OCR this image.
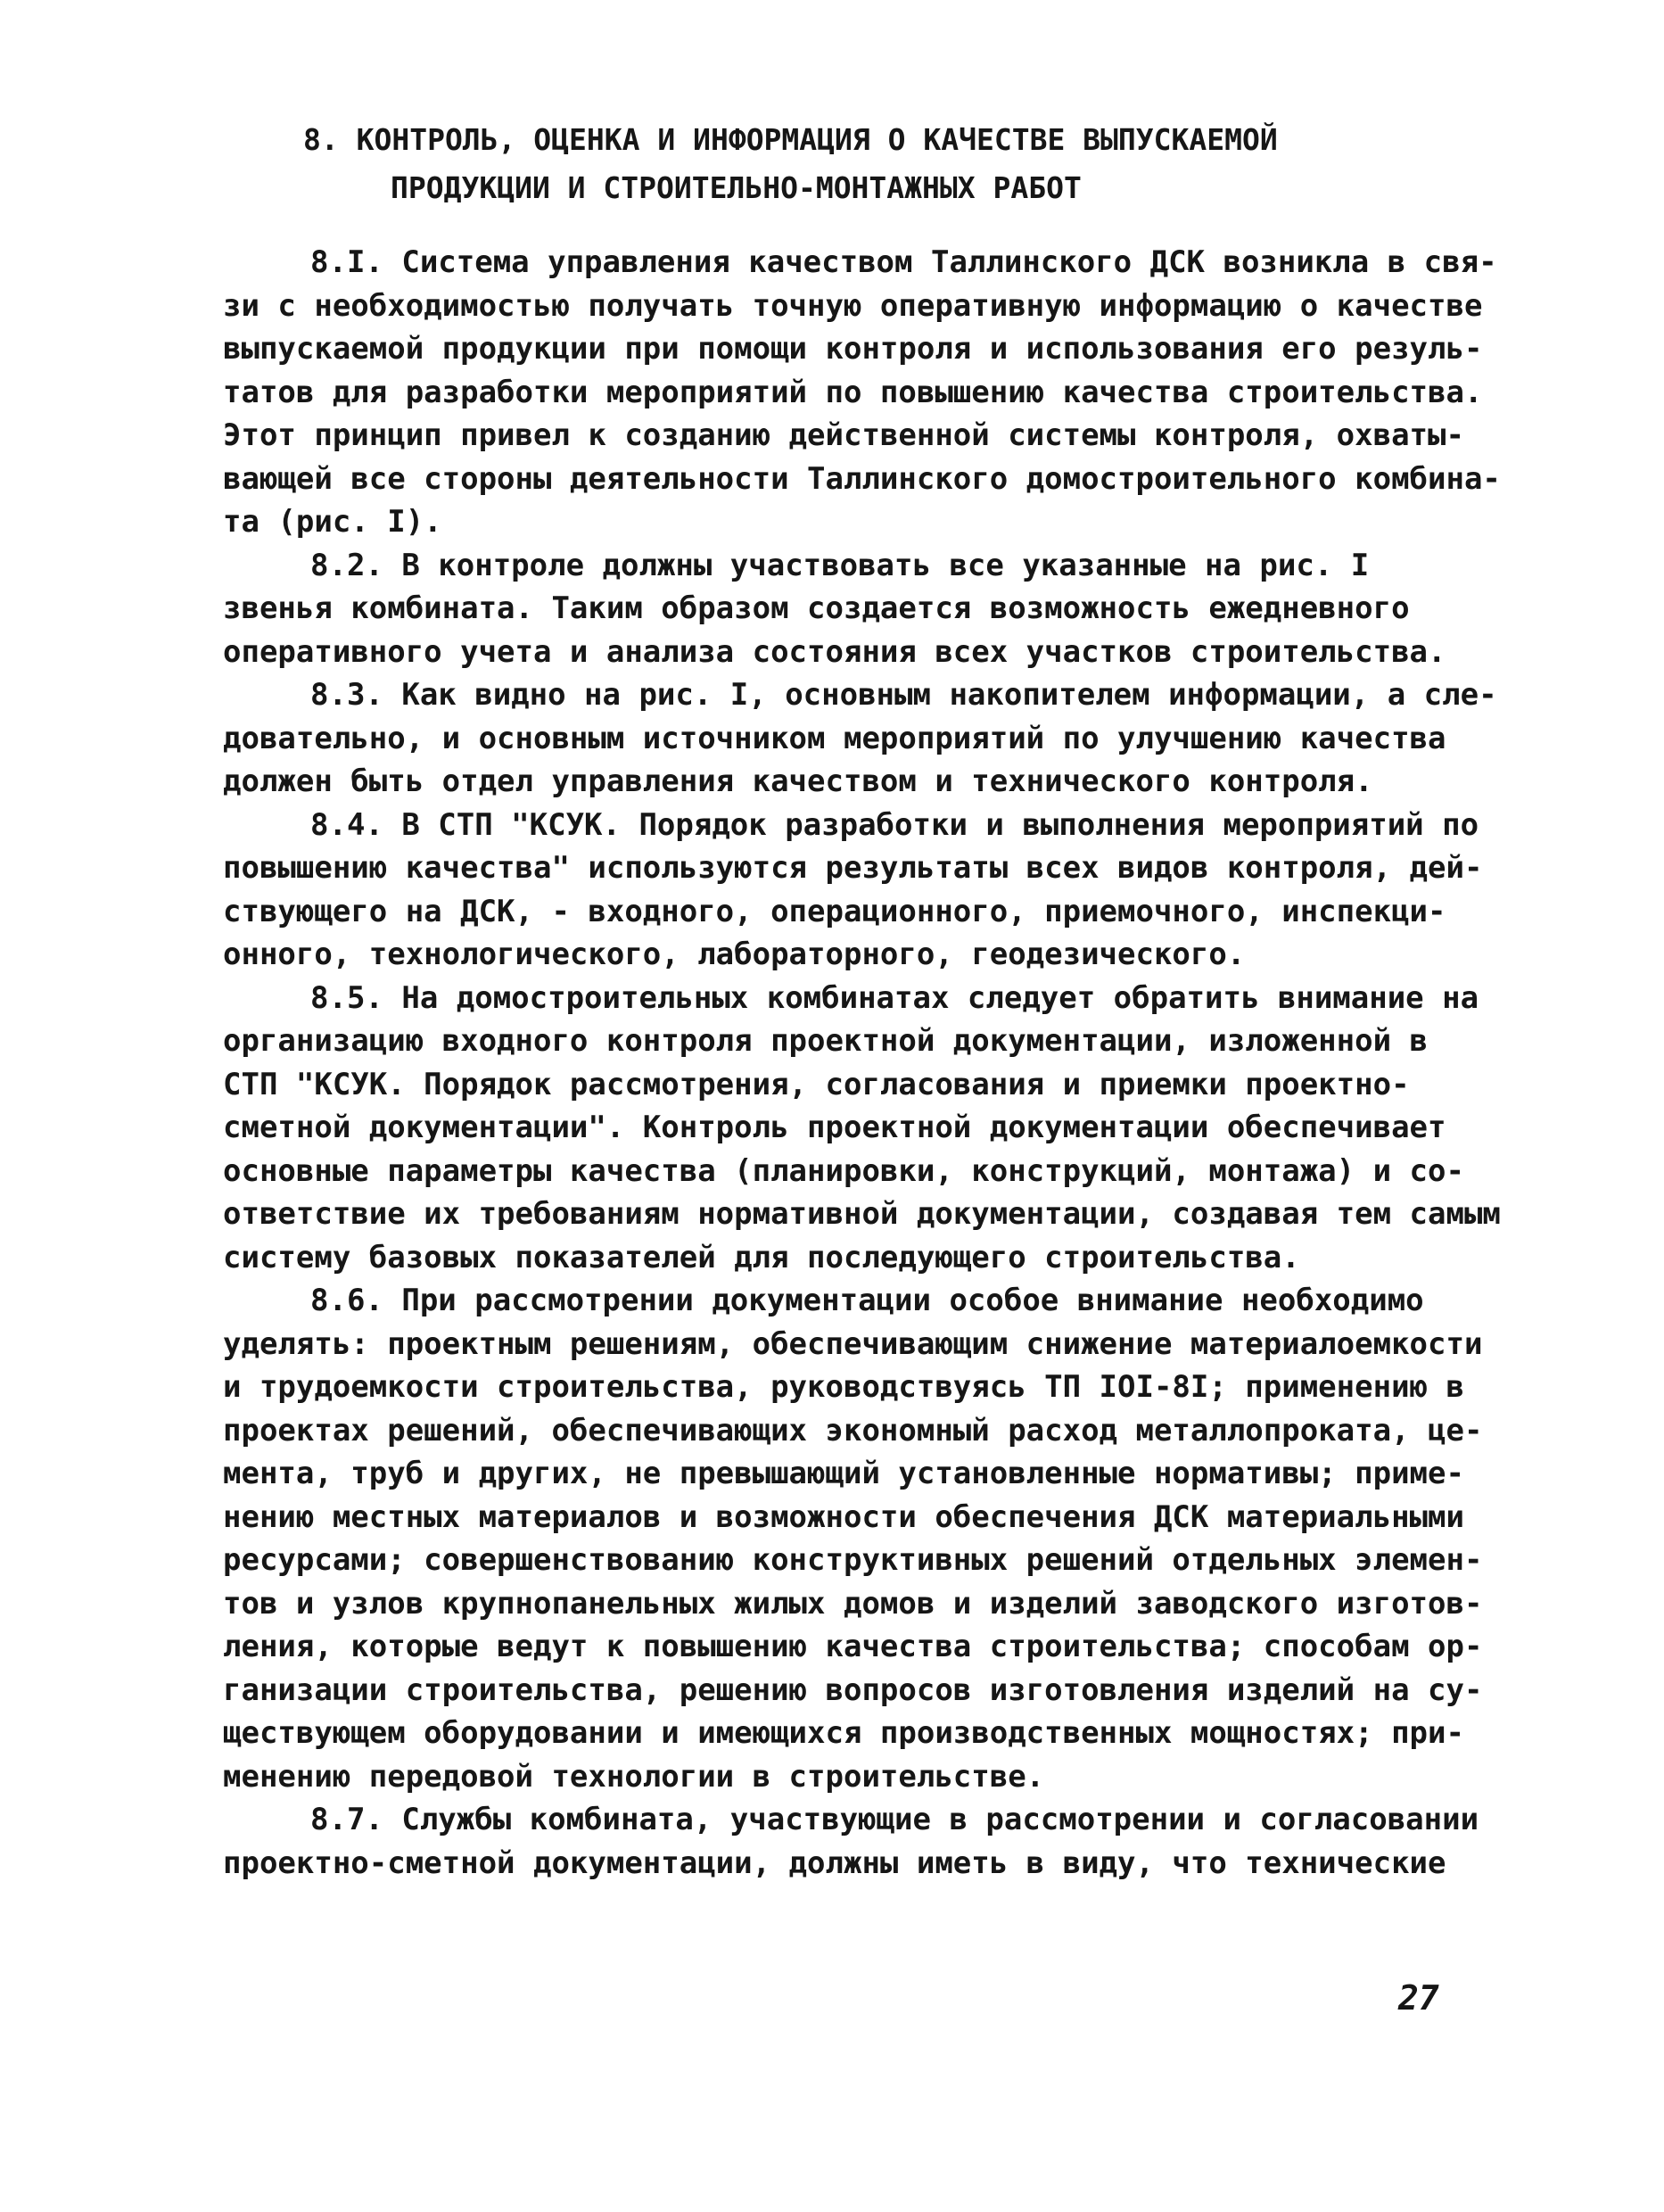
8. КОНТРОЛЬ, ОЦЕНКА И ИНФОРМАЦИЯ О КАЧЕСТВЕ ВЫПУСКАЕМОЙ

ПРОДУКЦИИ И СТРОИТЕЛЬНО-МОНТАЖНЫХ РАБОТ
8.I. Система управления качеством Таллинского ДСК возникла в свя-
зи с необходимостью получать точную оперативную информацию о качестве
выпускаемой продукции при помощи контроля и использования его резуль-
татов для разработки мероприятий по повышению качества строительства.
Этот принцип привел к созданию действенной системы контроля, охваты-
вающей все стороны деятельности Таллинского домостроительного комбина-
та (рис. I).
8.2. В контроле должны участвовать все указанные на рис. I
звенья комбината. Таким образом создается возможность ежедневного
оперативного учета и анализа состояния всех участков строительства.
8.3. Как видно на рис. I, основным накопителем информации, а сле-
довательно, и основным источником мероприятий по улучшению качества
должен быть отдел управления качеством и технического контроля.
8.4. В СТП "КСУК. Порядок разработки и выполнения мероприятий по
повышению качества" используются результаты всех видов контроля, дей-
ствующего на ДСК, - входного, операционного, приемочного, инспекци-
онного, технологического, лабораторного, геодезического.
8.5. На домостроительных комбинатах следует обратить внимание на
организацию входного контроля проектной документации, изложенной в
СТП "КСУК. Порядок рассмотрения, согласования и приемки проектно-
сметной документации". Контроль проектной документации обеспечивает
основные параметры качества (планировки, конструкций, монтажа) и со-
ответствие их требованиям нормативной документации, создавая тем самым
систему базовых показателей для последующего строительства.
8.6. При рассмотрении документации особое внимание необходимо
уделять: проектным решениям, обеспечивающим снижение материалоемкости
и трудоемкости строительства, руководствуясь ТП IOI-8I; применению в
проектах решений, обеспечивающих экономный расход металлопроката, це-
мента, труб и других, не превышающий установленные нормативы; приме-
нению местных материалов и возможности обеспечения ДСК материальными
ресурсами; совершенствованию конструктивных решений отдельных элемен-
тов и узлов крупнопанельных жилых домов и изделий заводского изготов-
ления, которые ведут к повышению качества строительства; способам ор-
ганизации строительства, решению вопросов изготовления изделий на су-
ществующем оборудовании и имеющихся производственных мощностях; при-
менению передовой технологии в строительстве.
8.7. Службы комбината, участвующие в рассмотрении и согласовании
проектно-сметной документации, должны иметь в виду, что технические
27
